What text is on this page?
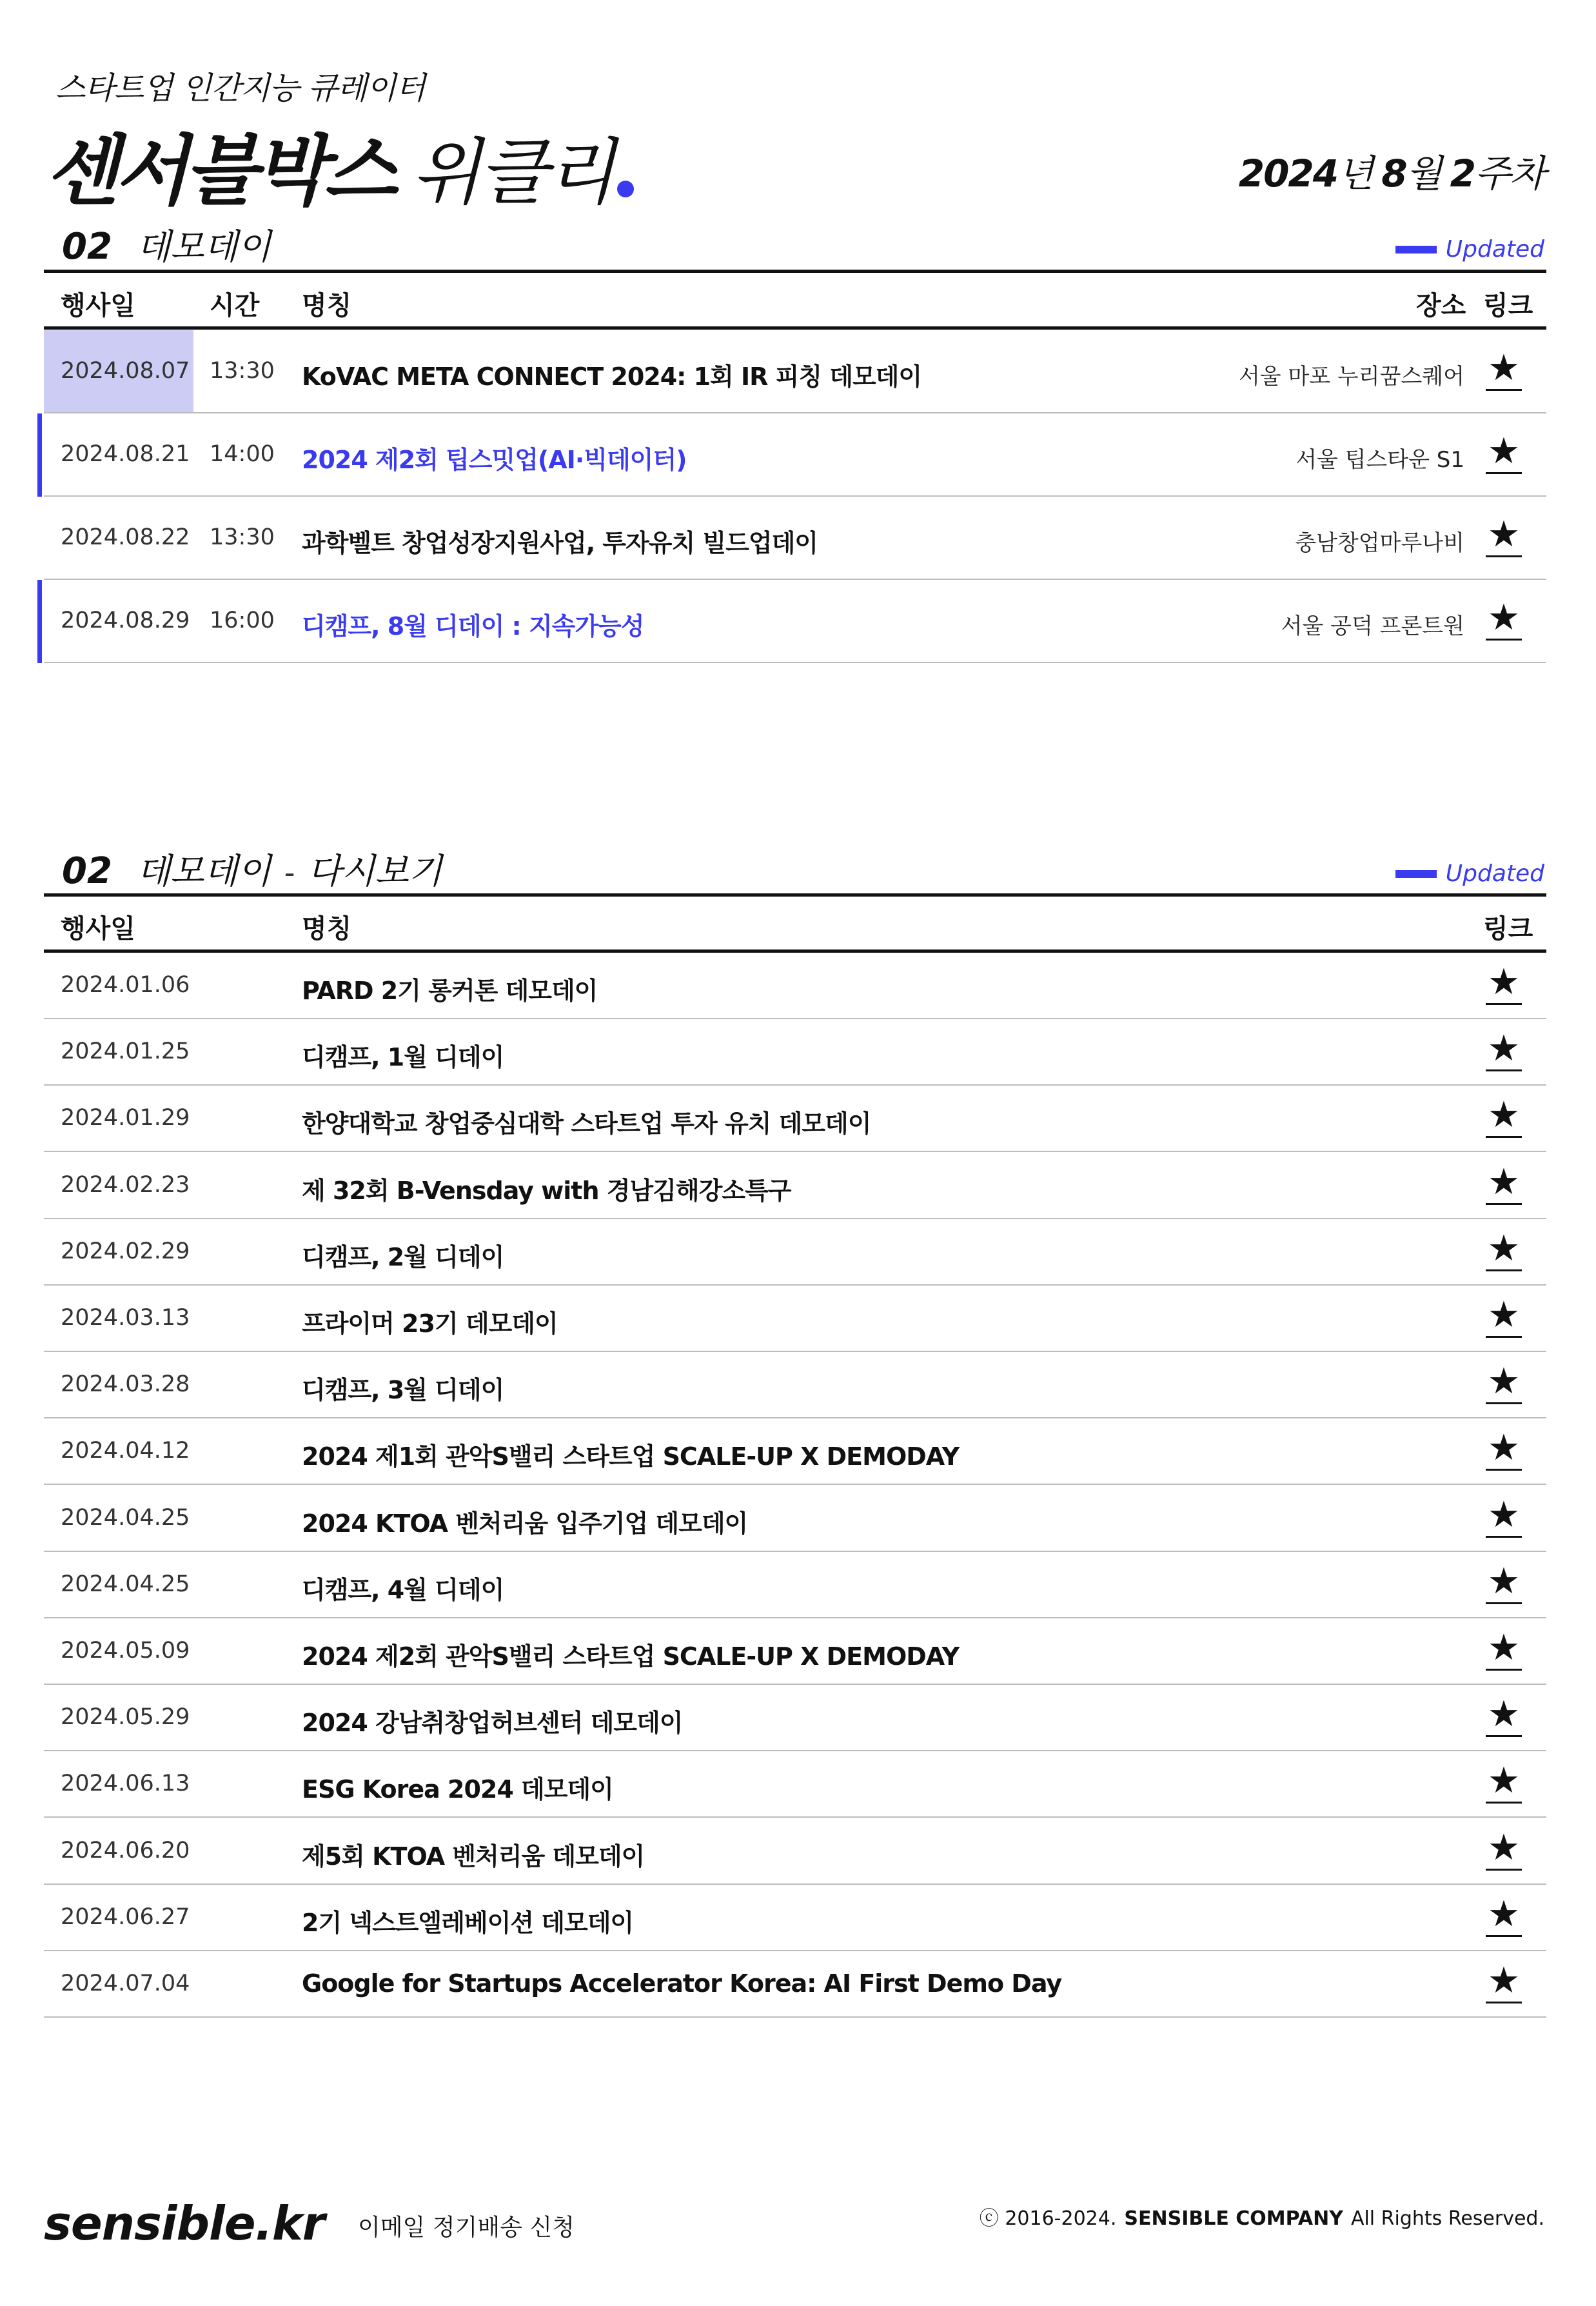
스타트업 인간지능 큐레이터
센서블박스 위클리	2024 년 8 월 2 주차
02 데모데이	Updated
행사일	시간 명칭	장소 링크
2024.08.07 13:30 KoVAC META CONNECT 2024: 1회 IR 피칭 데모데이	서울 마포 누리꿈스퀘어 ★
2024.08.21 14:00 2024 제2회 팁스밋업(AI·빅데이터)	서울 팁스타운 S1 ★
2024.08.22 13:30 과학벨트 창업성장지원사업, 투자유치 빌드업데이	충남창업마루나비 ★
2024.08.29 16:00 디캠프, 8월 디데이 : 지속가능성	서울 공덕 프론트원 ★
02 데모데이 - 다시보기	Updated
행사일	명칭	링크
2024.01.06	PARD 2기 롱커톤 데모데이	★
2024.01.25	디캠프, 1월 디데이	★
2024.01.29	한양대학교 창업중심대학 스타트업 투자 유치 데모데이	★
2024.02.23	제 32회 B-Vensday with 경남김해강소특구	★
2024.02.29	디캠프, 2월 디데이	★
2024.03.13	프라이머 23기 데모데이	★
2024.03.28	디캠프, 3월 디데이	★
2024.04.12	2024 제1회 관악S밸리 스타트업 SCALE-UP X DEMODAY	★
2024.04.25	2024 KTOA 벤처리움 입주기업 데모데이	★
2024.04.25	디캠프, 4월 디데이	★
2024.05.09	2024 제2회 관악S밸리 스타트업 SCALE-UP X DEMODAY	★
2024.05.29	2024 강남취창업허브센터 데모데이	★
2024.06.13	ESG Korea 2024 데모데이	★
2024.06.20	제5회 KTOA 벤처리움 데모데이	★
2024.06.27	2기 넥스트엘레베이션 데모데이	★
2024.07.04	Google for Startups Accelerator Korea: AI First Demo Day	★
sensible.kr 이메일 정기배송 신청	ⓒ 2016-2024. SENSIBLE COMPANY All Rights Reserved.
